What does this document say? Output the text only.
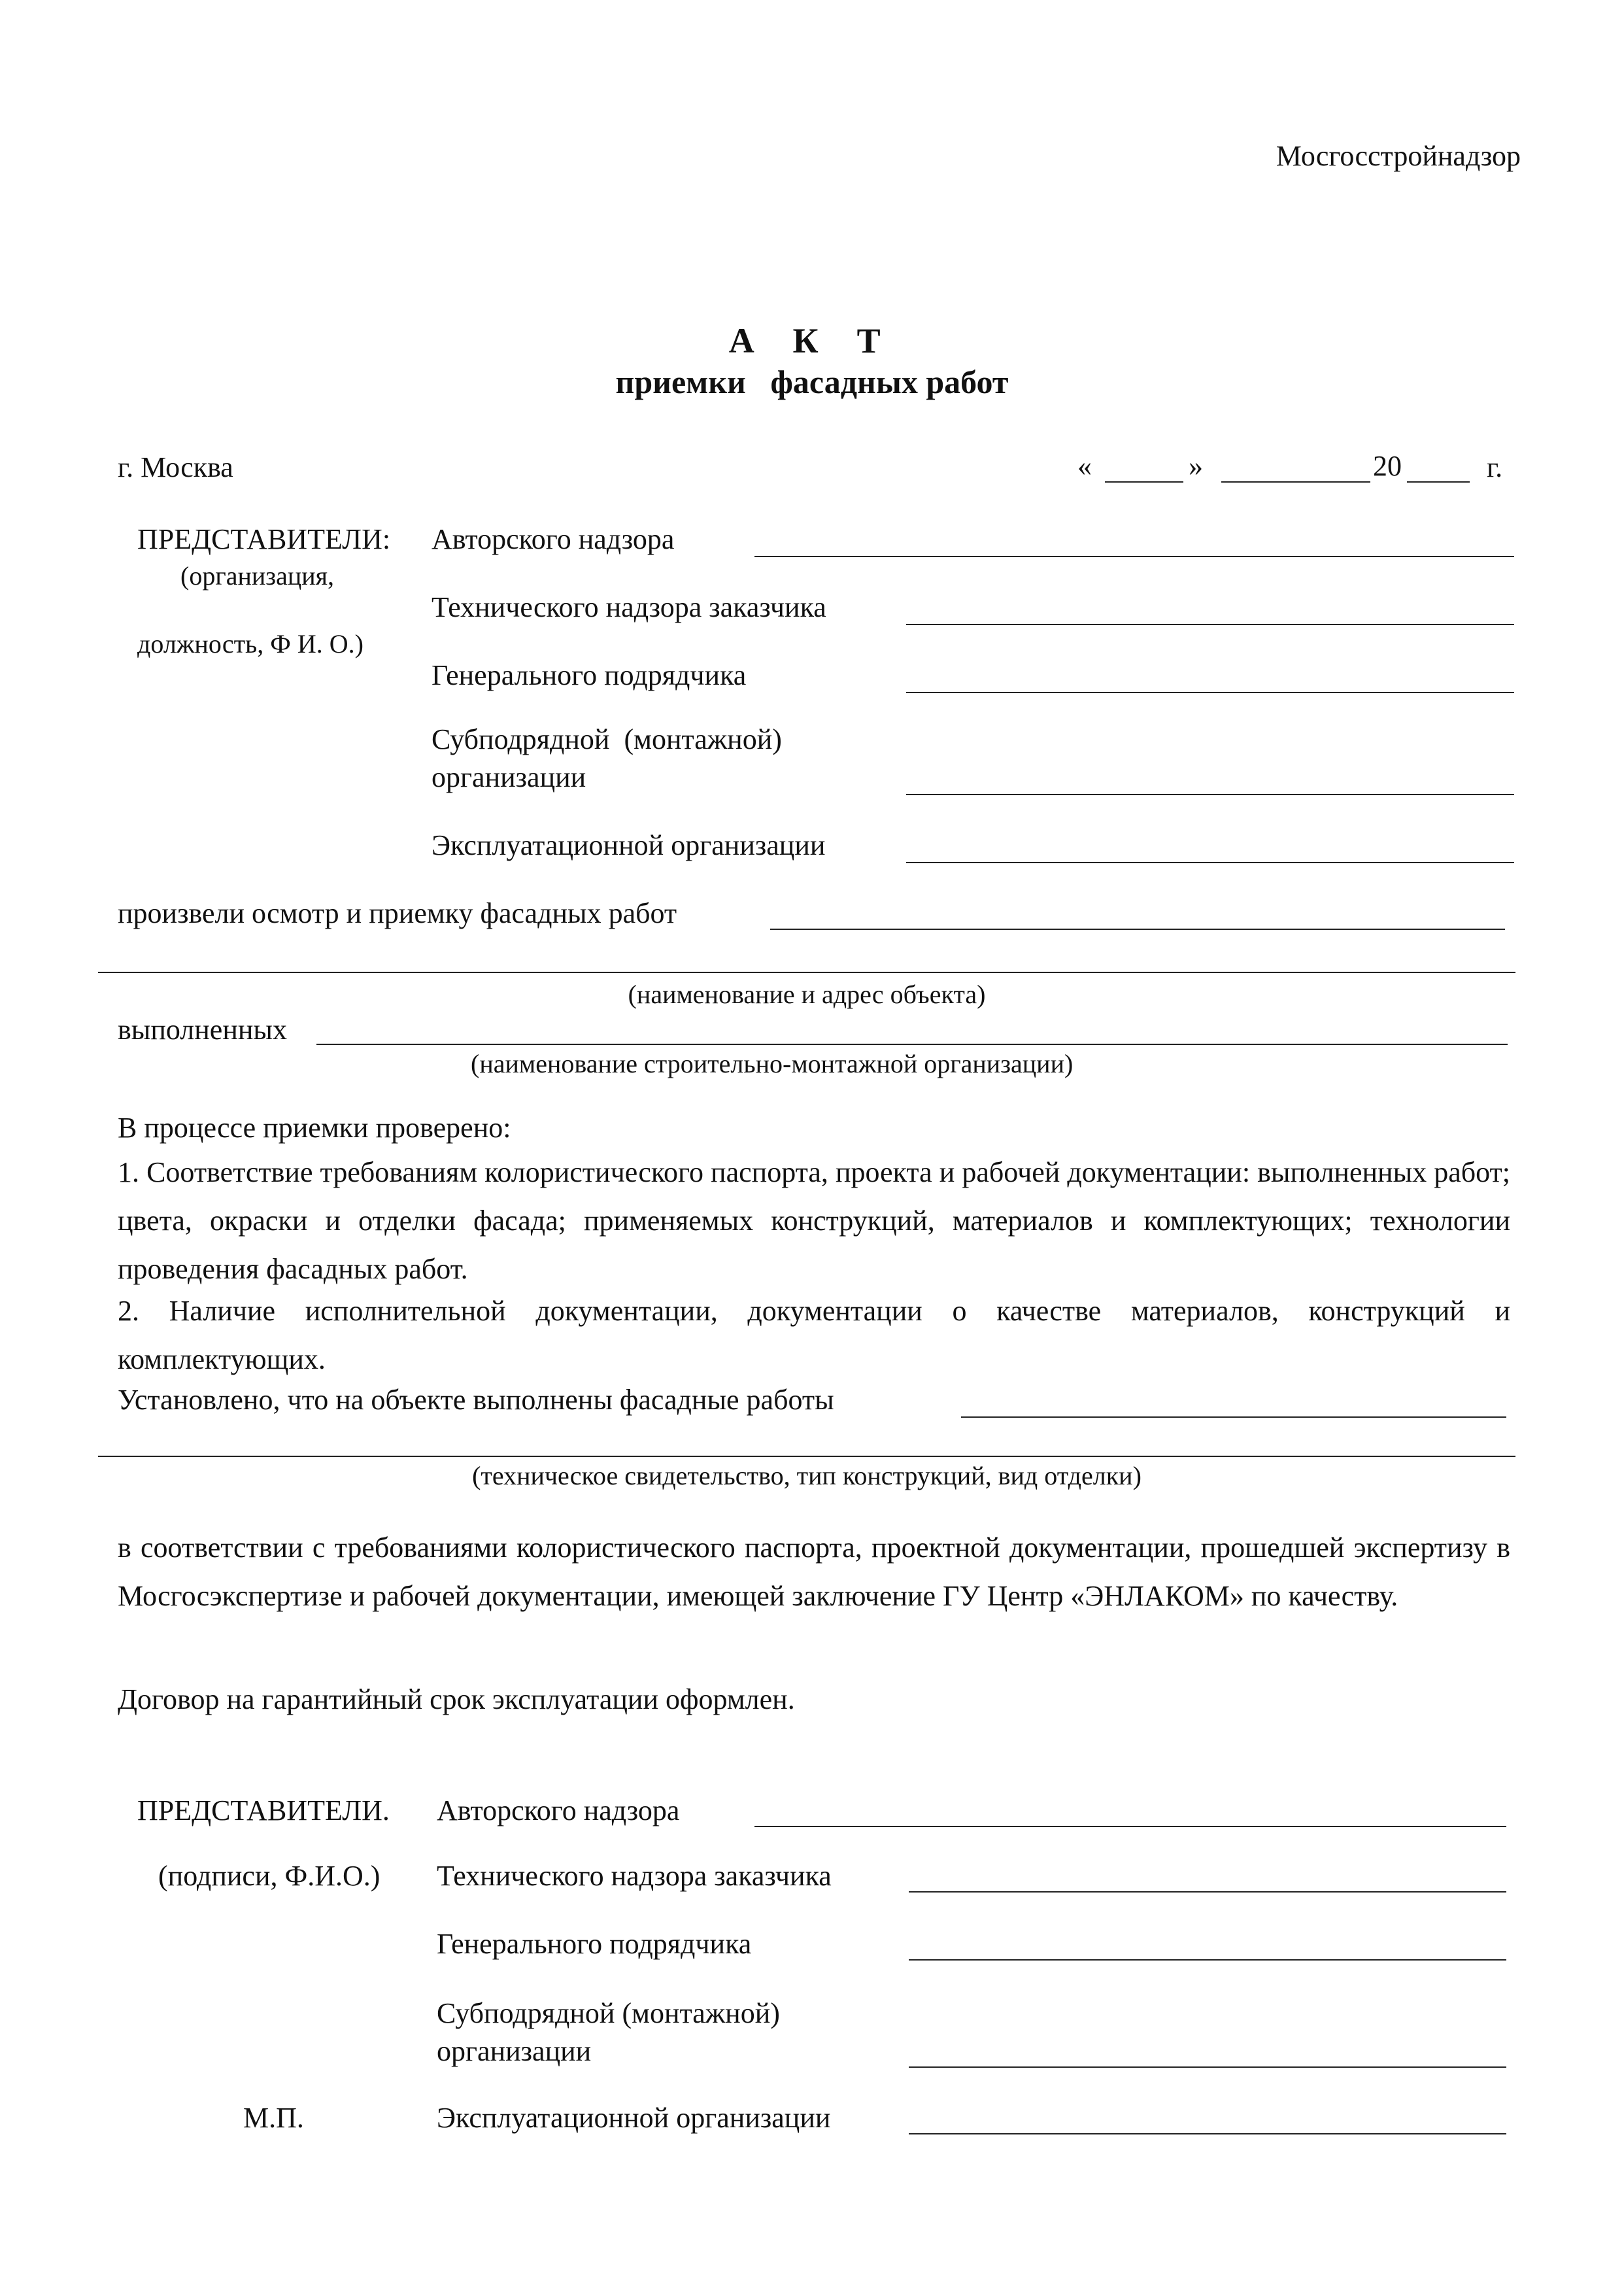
Мосгосстройнадзор
А К Т
приемки   фасадных работ
г. Москва	«	»	20	г.
ПРЕДСТАВИТЕЛИ:
(организация,
должность, Ф И. О.)
Авторского надзора
Технического надзора заказчика
Генерального подрядчика
Субподрядной  (монтажной)
организации
Эксплуатационной организации
произвели осмотр и приемку фасадных работ
(наименование и адрес объекта)
выполненных
(наименование строительно-монтажной организации)
В процессе приемки проверено:
1. Соответствие требованиям колористического паспорта, проекта и рабочей документации: выполненных работ; цвета, окраски и отделки фасада; применяемых конструкций, материалов и комплектующих; технологии проведения фасадных работ.
2. Наличие исполнительной документации, документации о качестве материалов, конструкций и комплектующих.
Установлено, что на объекте выполнены фасадные работы
(техническое свидетельство, тип конструкций, вид отделки)
в соответствии с требованиями колористического паспорта, проектной документации, прошедшей экспертизу в Мосгосэкспертизе и рабочей документации, имеющей заключение ГУ Центр «ЭНЛАКОМ» по качеству.
Договор на гарантийный срок эксплуатации оформлен.
ПРЕДСТАВИТЕЛИ.
(подписи, Ф.И.О.)
Авторского надзора
Технического надзора заказчика
Генерального подрядчика
Субподрядной (монтажной)
организации
М.П.	Эксплуатационной организации
